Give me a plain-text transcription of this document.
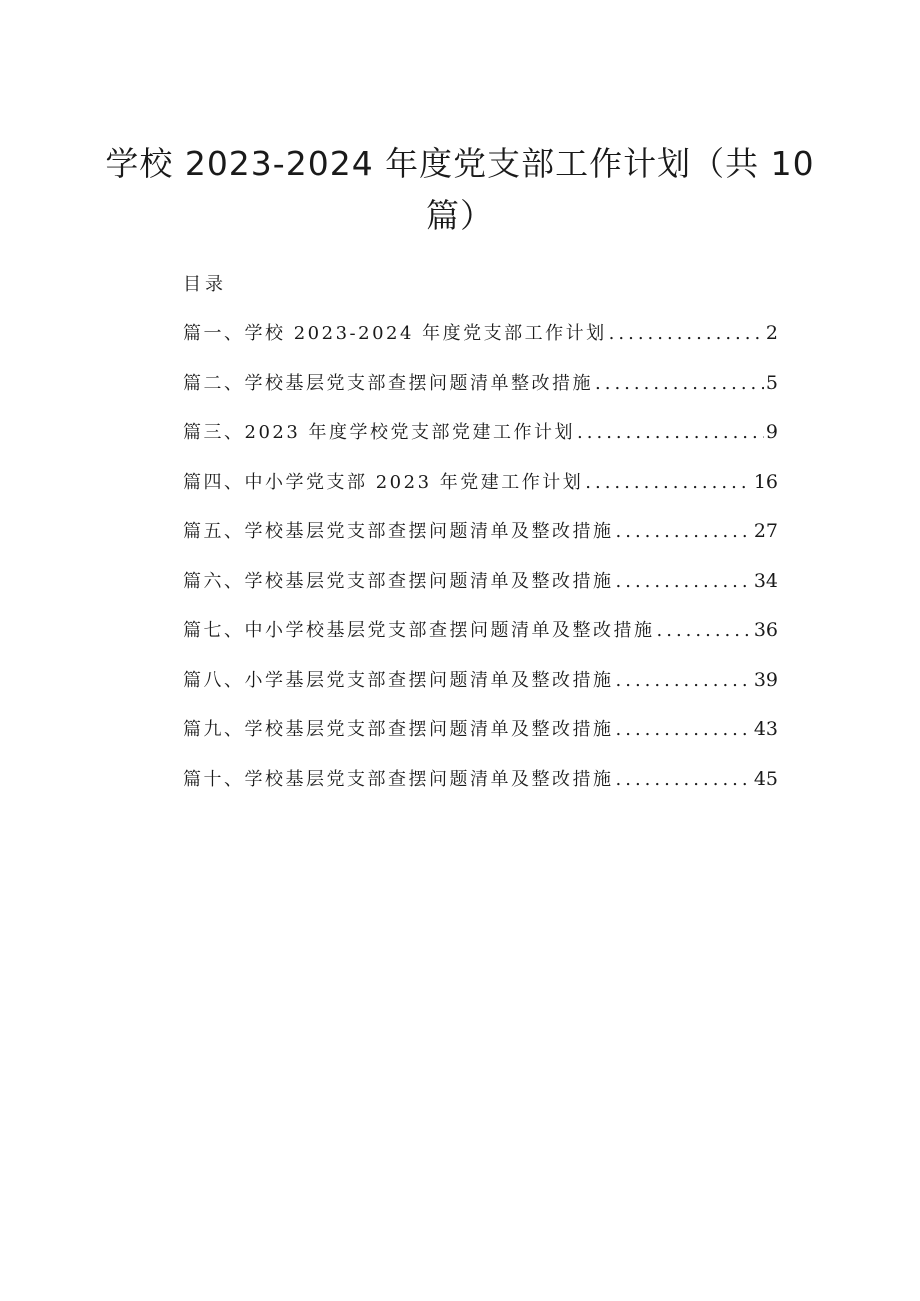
学校 2023-2024 年度党支部工作计划（共 10
篇）
目录
篇一、学校 2023-2024 年度党支部工作计划 .....	2
篇二、学校基层党支部查摆问题清单整改措施 .....	5
篇三、2023 年度学校党支部党建工作计划 .....	9
篇四、中小学党支部 2023 年党建工作计划 .....	16
篇五、学校基层党支部查摆问题清单及整改措施 .....	27
篇六、学校基层党支部查摆问题清单及整改措施 .....	34
篇七、中小学校基层党支部查摆问题清单及整改措施 .....	36
篇八、小学基层党支部查摆问题清单及整改措施 .....	39
篇九、学校基层党支部查摆问题清单及整改措施 .....	43
篇十、学校基层党支部查摆问题清单及整改措施 .....	45
